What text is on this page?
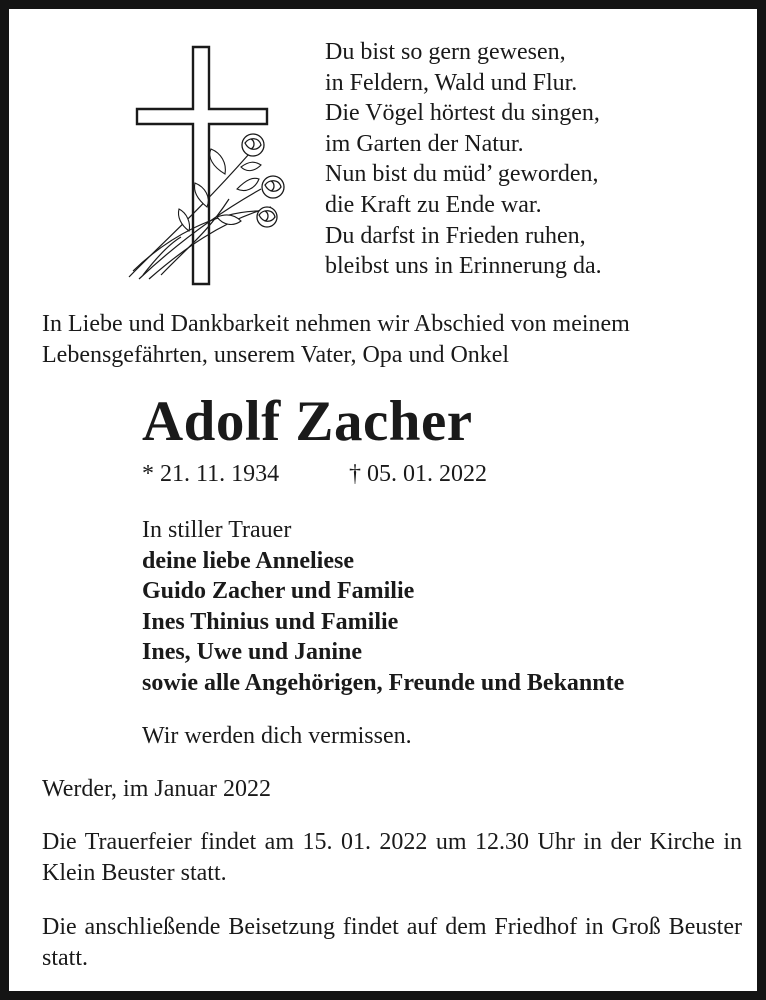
Du bist so gern gewesen,
in Feldern, Wald und Flur.
Die Vögel hörtest du singen,
im Garten der Natur.
Nun bist du müd’ geworden,
die Kraft zu Ende war.
Du darfst in Frieden ruhen,
bleibst uns in Erinnerung da.
In Liebe und Dankbarkeit nehmen wir Abschied von meinem Lebensgefährten, unserem Vater, Opa und Onkel
Adolf Zacher
* 21. 11. 1934	† 05. 01. 2022
In stiller Trauer
deine liebe Anneliese
Guido Zacher und Familie
Ines Thinius und Familie
Ines, Uwe und Janine
sowie alle Angehörigen, Freunde und Bekannte
Wir werden dich vermissen.
Werder, im Januar 2022
Die Trauerfeier findet am 15. 01. 2022 um 12.30 Uhr in der Kirche in Klein Beuster statt.
Die anschließende Beisetzung findet auf dem Friedhof in Groß Beuster statt.
